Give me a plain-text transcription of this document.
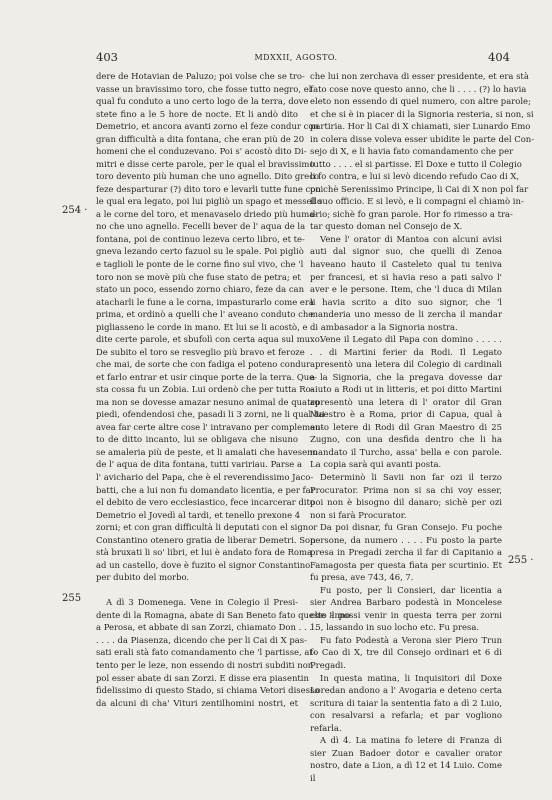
403	MDXXII, AGOSTO.	404
254 ·
255
255 ·
dere de Hotavian de Paluzo; poi volse che se tro-
vasse un bravissimo toro, che fosse tutto negro, el
qual fu conduto a uno certo logo de la terra, dove
stete fino a le 5 hore de nocte. Et li andò dito
Demetrio, et ancora avanti zorno el feze condur con
gran difficultà a dita fontana, che eran più de 20
homeni che el conduzevano. Poi s' acostò dito Di-
mitri e disse certe parole, per le qual el bravissimo
toro devento più human che uno agnello. Dito greco
feze desparturar (?) dito toro e levarli tutte fune con
le qual era legato, poi lui pigliò un spago et messello
a le corne del toro, et menavaselo driedo più huma-
no che uno agnello. Fecelli bever de l' aqua de la
fontana, poi de continuo lezeva certo libro, et te-
gneva lezando certo fazuol su le spale. Poi pigliò
e taglioli le ponte de le corne fino sul vivo, che 'l
toro non se movè più che fuse stato de petra; et
stato un poco, essendo zorno chiaro, feze da can
atacharli le fune a le corna, impasturarlo come era
prima, et ordinò a quelli che l' aveano conduto che
pigliasseno le corde in mano. Et lui se li acostò, e
dite certe parole, et sbufolì con certa aqua sul muxo.
De subito el toro se resveglio più bravo et feroze
che mai, de sorte che con fadiga el poteno condur
et farlo entrar et usir cinque porte de la terra. Que-
sta cossa fu un Zobia. Lui ordenò che per tutta Ro-
ma non se dovesse amazar nesuno animal de quatro
piedi, ofendendosi che, pasadi li 3 zorni, ne li qual lui
avea far certe altre cose l' intravano per complemen-
to de ditto incanto, lui se obligava che nisuno
se amaleria più de peste, et li amalati che haveseno
de l' aqua de dita fontana, tutti variriau. Parse a
l' avichario del Papa, che è el reverendissimo Jaco-
batti, che a lui non fu domandato licentia, e per far
el debito de vero ecclesiastico, fece incarcerar dito
Demetrio el Jovedì al tardi, et tenello prexone 4
zorni; et con gran difficultà li deputati con el signor
Constantino otenero gratia de liberar Demetri. Son
stà bruxati li so' libri, et lui è andato fora de Roma
ad un castello, dove è fuzito el signor Constantino
per dubito del morbo.

A dì 3 Domenega. Vene in Colegio il Presi-
dente di la Romagna, abate di San Beneto fato questo anno
a Perosa, et abbate di san Zorzi, chiamato Don . . . .
. . . . da Piasenza, dicendo che per li Cai di X pas-
sati erali stà fato comandamento che 'l partisse, at-
tento per le leze, non essendo di nostri subditi non
pol esser abate di san Zorzi. E disse era piasentin
fidelissimo di questo Stado, si chiama Vetori disesso
da alcuni di cha' Vituri zentilhomini nostri, et
che lui non zerchava di esser presidente, et era stà
fato cose nove questo anno, che li . . . . (?) lo havia
eleto non essendo di quel numero, con altre parole;
et che si è in piacer di la Signoria resteria, si non, si
partiria. Hor li Cai di X chiamati, sier Lunardo Emo
in colera disse voleva esser ubidite le parte del Con-
sejo di X, e li havia fato comandamento che per
tutto . . . . el si partisse. El Doxe e tutto il Colegio
li fo contra, e lui si levò dicendo refudo Cao di X,
poichè Serenissimo Principe, li Cai di X non pol far
il suo officio. E si levò, e li compagni el chiamò in-
drio; sichè fo gran parole. Hor fo rimesso a tra-
tar questo doman nel Consejo de X.

Vene l' orator di Mantoa con alcuni avisi auti dal signor suo, che quelli di Zenoa haveano hauto il Casteleto qual tu teniva per francesi, et si havia reso a pati salvo l' aver e le persone. Item, che 'l duca di Milan li havia scrito a dito suo signor, che 'l manderia uno messo de li zercha il mandar di ambasador a la Signoria nostra.

Vene il Legato dil Papa con domino . . . . . . . di Martini ferier da Rodi. Il Legato apresentò una letera dil Colegio di cardinali a la Signoria, che la pregava dovesse dar aiuto a Rodi ut in litteris, et poi ditto Martini apresentò una letera di l' orator dil Gran Maestro è a Roma, prior di Capua, qual à auto letere di Rodi dil Gran Maestro di 25 Zugno, con una desfida dentro che li ha mandato il Turcho, assa' bella e con parole. La copia sarà qui avanti posta.

Determinò li Savii non far ozi il terzo Procurator. Prima non si sa chi voy esser, poi non è bisogno dil danaro; sichè per ozi non si farà Procurator.

Da poi disnar, fu Gran Consejo. Fu poche persone, da numero . . . . Fu posto la parte presa in Pregadi zercha il far di Capitanio a Famagosta per questa fiata per scurtinio. Et fu presa, ave 743, 46, 7.

Fu posto, per li Consieri, dar licentia a sier Andrea Barbaro podestà in Moncelese che 'l possi venir in questa terra per zorni 15, lassando in suo locho etc. Fu presa.

Fu fato Podestà a Verona sier Piero Trun fo Cao di X, tre dil Consejo ordinari et 6 di Pregadi.

In questa matina, li Inquisitori dil Doxe Loredan andono a l' Avogaria e deteno certa scritura di taiar la sententia fato a dì 2 Luio, con resalvarsi a refarla; et par vogliono refarla.

A dì 4. La matina fo letere di Franza di sier Zuan Badoer dotor e cavalier orator nostro, date a Lion, a dì 12 et 14 Luio. Come il
